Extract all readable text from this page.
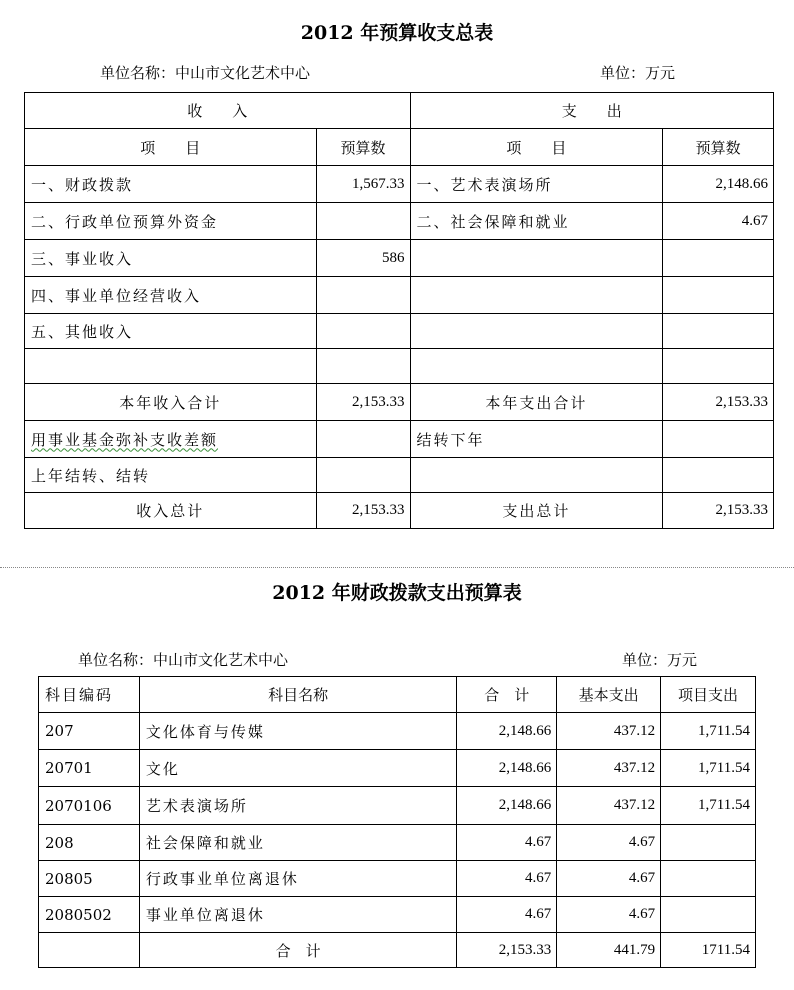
2012 年预算收支总表
单位名称：中山市文化艺术中心	单位：万元
收　　入		支　　出	
项　　目	预算数	项　　目	预算数
一、财政拨款	1,567.33	一、艺术表演场所	2,148.66
二、行政单位预算外资金		二、社会保障和就业	4.67
三、事业收入	586		
四、事业单位经营收入			
五、其他收入			

本年收入合计	2,153.33	本年支出合计	2,153.33
用事业基金弥补支收差额		结转下年	
上年结转、结转			
收入总计	2,153.33	支出总计	2,153.33
2012 年财政拨款支出预算表
单位名称：中山市文化艺术中心	单位：万元
科目编码	科目名称	合　计	基本支出	项目支出
207	文化体育与传媒	2,148.66	437.12	1,711.54
20701	文化	2,148.66	437.12	1,711.54
2070106	艺术表演场所	2,148.66	437.12	1,711.54
208	社会保障和就业	4.67	4.67	
20805	行政事业单位离退休	4.67	4.67	
2080502	事业单位离退休	4.67	4.67	
	合　计	2,153.33	441.79	1711.54
